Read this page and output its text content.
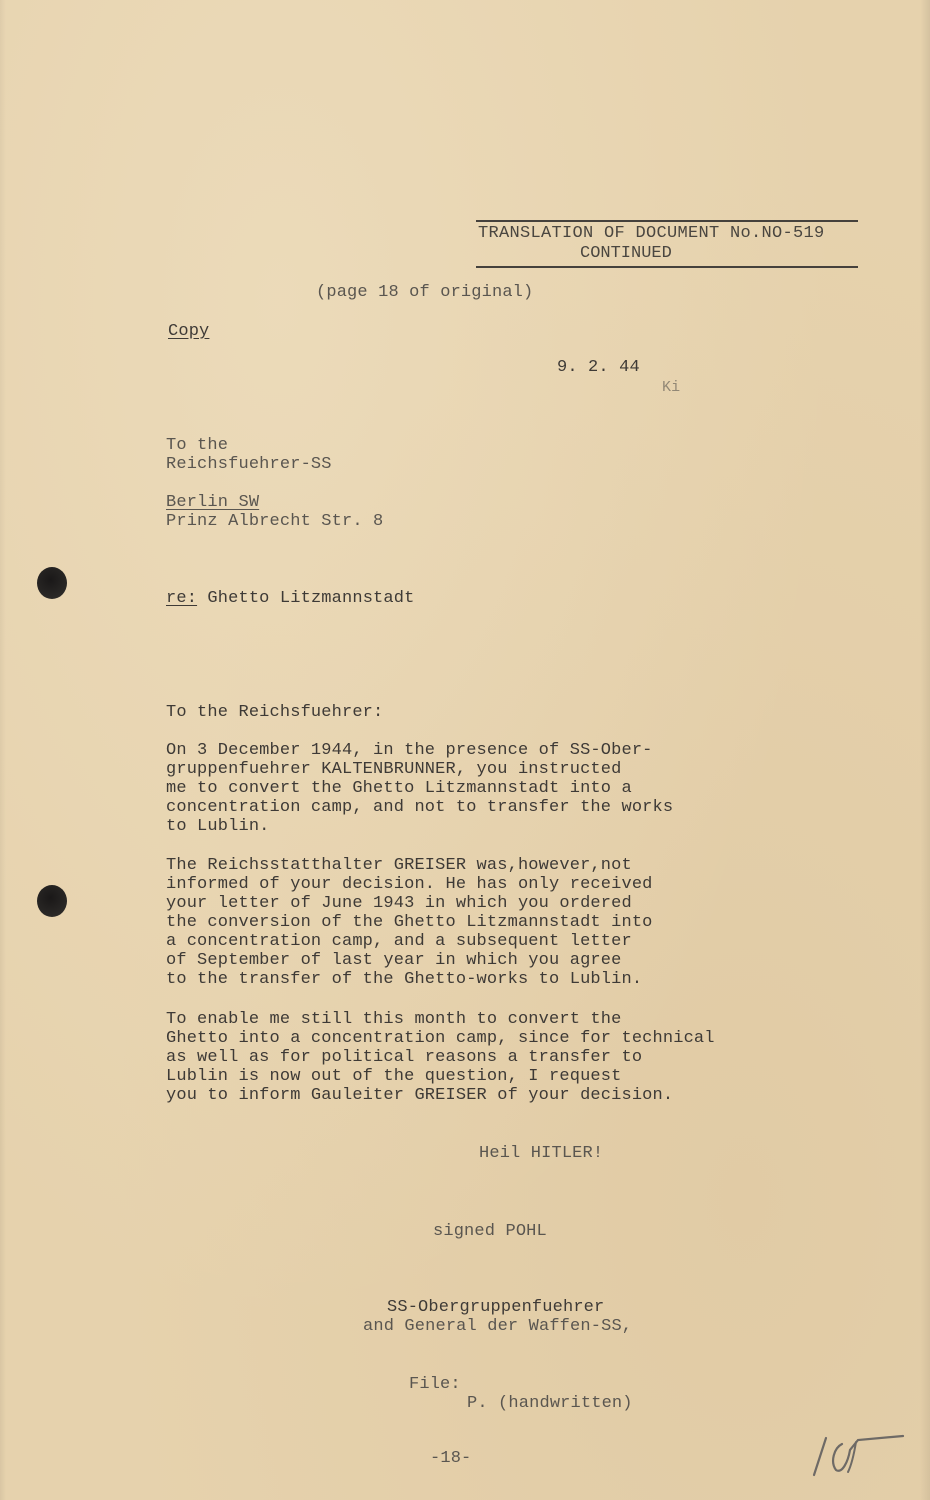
TRANSLATION OF DOCUMENT No.NO-519
CONTINUED
(page 18 of original)
Copy
9. 2. 44
Ki
To the
Reichsfuehrer-SS
Berlin SW
Prinz Albrecht Str. 8
re: Ghetto Litzmannstadt
To the Reichsfuehrer:
On 3 December 1944, in the presence of SS-Ober-
gruppenfuehrer KALTENBRUNNER, you instructed
me to convert the Ghetto Litzmannstadt into a
concentration camp, and not to transfer the works
to Lublin.
The Reichsstatthalter GREISER was,however,not
informed of your decision. He has only received
your letter of June 1943 in which you ordered
the conversion of the Ghetto Litzmannstadt into
a concentration camp, and a subsequent letter
of September of last year in which you agree
to the transfer of the Ghetto-works to Lublin.
To enable me still this month to convert the
Ghetto into a concentration camp, since for technical
as well as for political reasons a transfer to
Lublin is now out of the question, I request
you to inform Gauleiter GREISER of your decision.
Heil HITLER!
signed POHL
SS-Obergruppenfuehrer
and General der Waffen-SS,
File:
P. (handwritten)
-18-
